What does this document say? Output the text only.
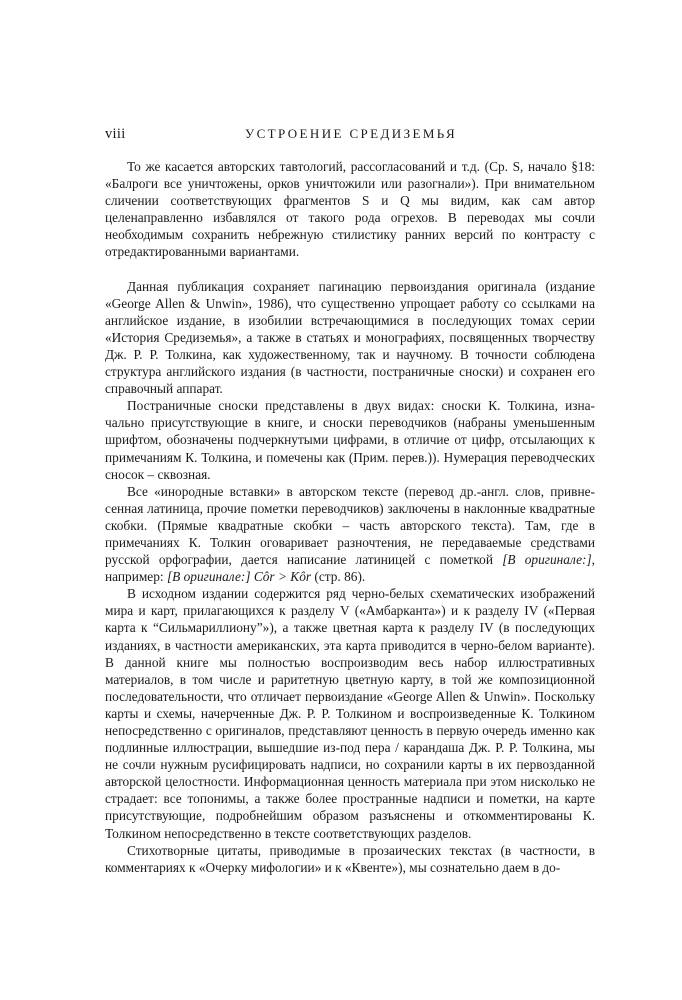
viii	УСТРОЕНИЕ СРЕДИЗЕМЬЯ

То же касается авторских тавтологий, рассогласований и т.д. (Ср. S, начало §18: «Балроги все уничтожены, орков уничтожили или разогнали»). При внимательном сличении соответствующих фрагментов S и Q мы видим, как сам автор целенаправленно избавлялся от такого рода огрехов. В переводах мы сочли необходимым сохранить небрежную стилистику ранних версий по контрасту с отредактированными вариантами.

Данная публикация сохраняет пагинацию первоиздания оригинала (издание «George Allen & Unwin», 1986), что существенно упрощает работу со ссылками на английское издание, в изобилии встречающимися в последующих томах серии «История Средиземья», а также в статьях и монографиях, посвященных творчеству Дж. Р. Р. Толкина, как художественному, так и научному. В точности соблюдена структура английского издания (в частности, постраничные сноски) и сохранен его справочный аппарат.

Постраничные сноски представлены в двух видах: сноски К. Толкина, изначально присутствующие в книге, и сноски переводчиков (набраны уменьшенным шрифтом, обозначены подчеркнутыми цифрами, в отличие от цифр, отсылающих к примечаниям К. Толкина, и помечены как (Прим. перев.)). Нумерация переводческих сносок – сквозная.

Все «инородные вставки» в авторском тексте (перевод др.-англ. слов, привнесенная латиница, прочие пометки переводчиков) заключены в наклонные квадратные скобки. (Прямые квадратные скобки – часть авторского текста). Там, где в примечаниях К. Толкин оговаривает разночтения, не передаваемые средствами русской орфографии, дается написание латиницей с пометкой [В оригинале:], например: [В оригинале:] Côr > Kôr (стр. 86).

В исходном издании содержится ряд черно-белых схематических изображений мира и карт, прилагающихся к разделу V («Амбарканта») и к разделу IV («Первая карта к “Сильмариллиону”»), а также цветная карта к разделу IV (в последующих изданиях, в частности американских, эта карта приводится в черно-белом варианте). В данной книге мы полностью воспроизводим весь набор иллюстративных материалов, в том числе и раритетную цветную карту, в той же композиционной последовательности, что отличает первоиздание «George Allen & Unwin». Поскольку карты и схемы, начерченные Дж. Р. Р. Толкином и воспроизведенные К. Толкином непосредственно с оригиналов, представляют ценность в первую очередь именно как подлинные иллюстрации, вышедшие из-под пера / карандаша Дж. Р. Р. Толкина, мы не сочли нужным русифицировать надписи, но сохранили карты в их первозданной авторской целостности. Информационная ценность материала при этом нисколько не страдает: все топонимы, а также более пространные надписи и пометки, на карте присутствующие, подробнейшим образом разъяснены и откомментированы К. Толкином непосредственно в тексте соответствующих разделов.

Стихотворные цитаты, приводимые в прозаических текстах (в частности, в комментариях к «Очерку мифологии» и к «Квенте»), мы сознательно даем в до-
